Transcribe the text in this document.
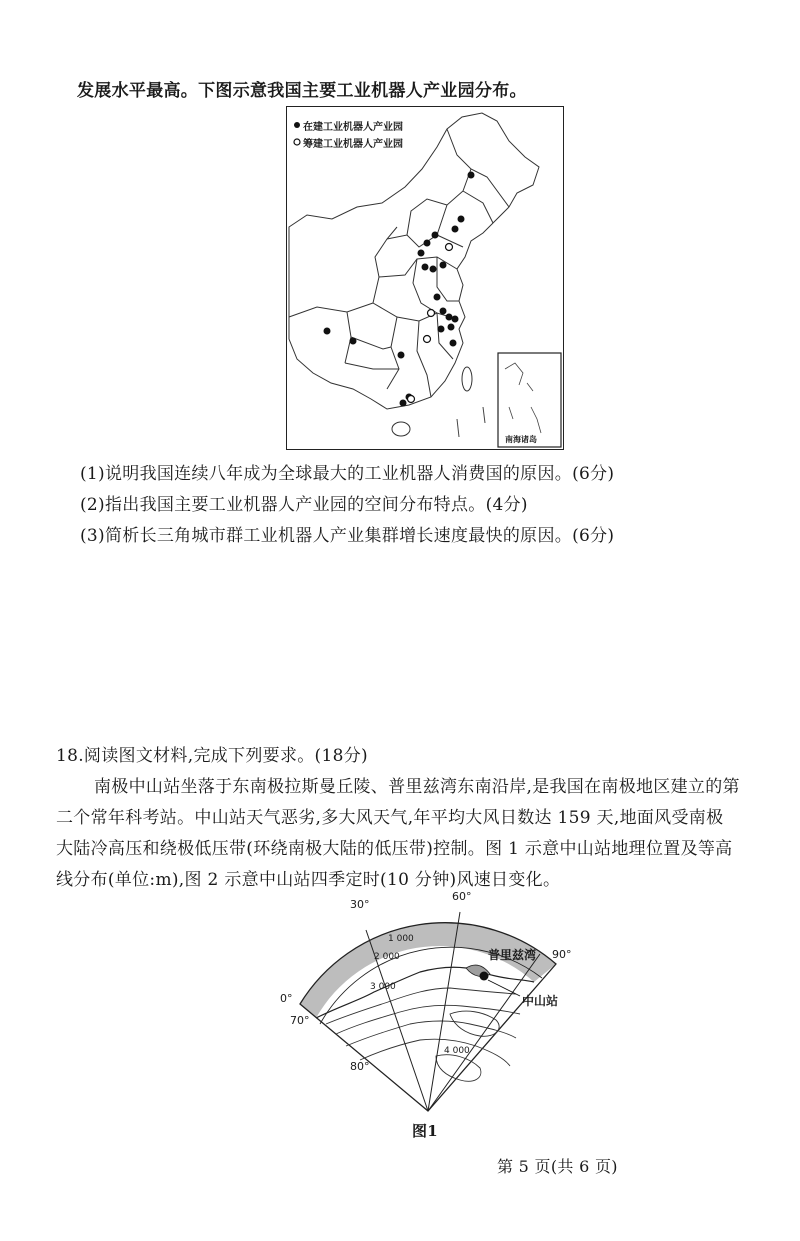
发展水平最高。下图示意我国主要工业机器人产业园分布。
在建工业机器人产业园
筹建工业机器人产业园
南海诸岛
(1)说明我国连续八年成为全球最大的工业机器人消费国的原因。(6分)
(2)指出我国主要工业机器人产业园的空间分布特点。(4分)
(3)简析长三角城市群工业机器人产业集群增长速度最快的原因。(6分)
18.阅读图文材料,完成下列要求。(18分)
南极中山站坐落于东南极拉斯曼丘陵、普里兹湾东南沿岸,是我国在南极地区建立的第
二个常年科考站。中山站天气恶劣,多大风天气,年平均大风日数达 159 天,地面风受南极
大陆冷高压和绕极低压带(环绕南极大陆的低压带)控制。图 1 示意中山站地理位置及等高
线分布(单位:m),图 2 示意中山站四季定时(10 分钟)风速日变化。
30°
60°
90°
0°
70°
80°
1 000
2 000
3 000
4 000
普里兹湾
中山站
图1
第 5 页(共 6 页)
